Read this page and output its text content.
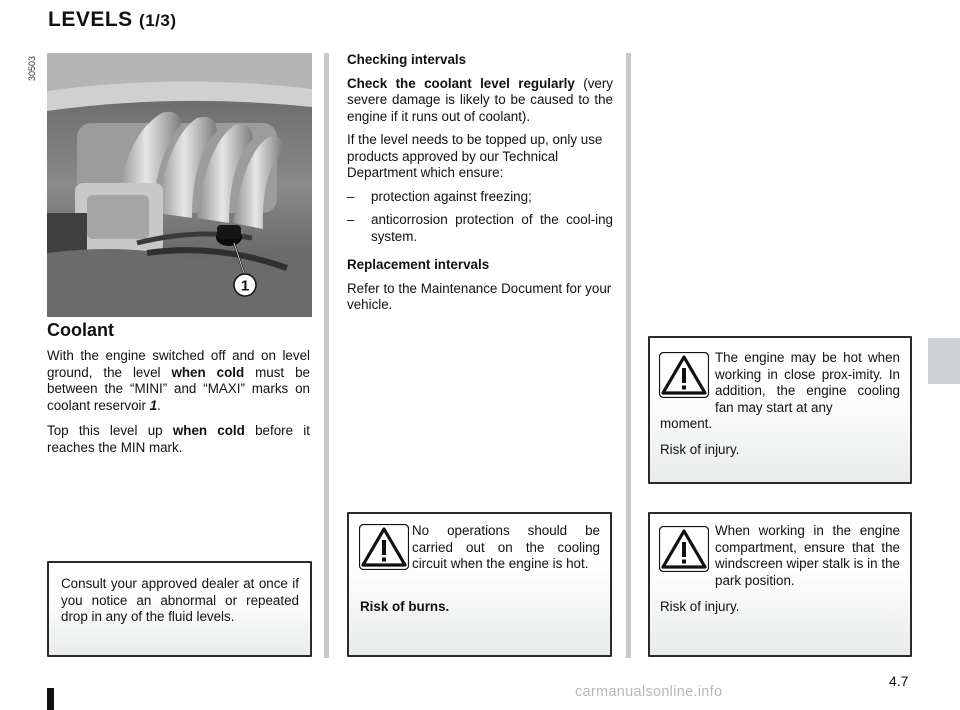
LEVELS (1/3)
30503
1
Coolant
With the engine switched off and on level ground, the level when cold must be between the “MINI” and “MAXI” marks on coolant reservoir 1.
Top this level up when cold before it reaches the MIN mark.
Consult your approved dealer at once if you notice an abnormal or repeated drop in any of the fluid levels.
Checking intervals
Check the coolant level regularly (very severe damage is likely to be caused to the engine if it runs out of coolant).
If the level needs to be topped up, only use products approved by our Technical Department which ensure:
– protection against freezing;
– anticorrosion protection of the cool-ing system.
Replacement intervals
Refer to the Maintenance Document for your vehicle.
No operations should be carried out on the cooling circuit when the engine is hot.
Risk of burns.
The engine may be hot when working in close prox-imity. In addition, the engine cooling fan may start at any
moment.
Risk of injury.
When working in the engine compartment, ensure that the windscreen wiper stalk is in the park position.
Risk of injury.
4.7
carmanualsonline.info
